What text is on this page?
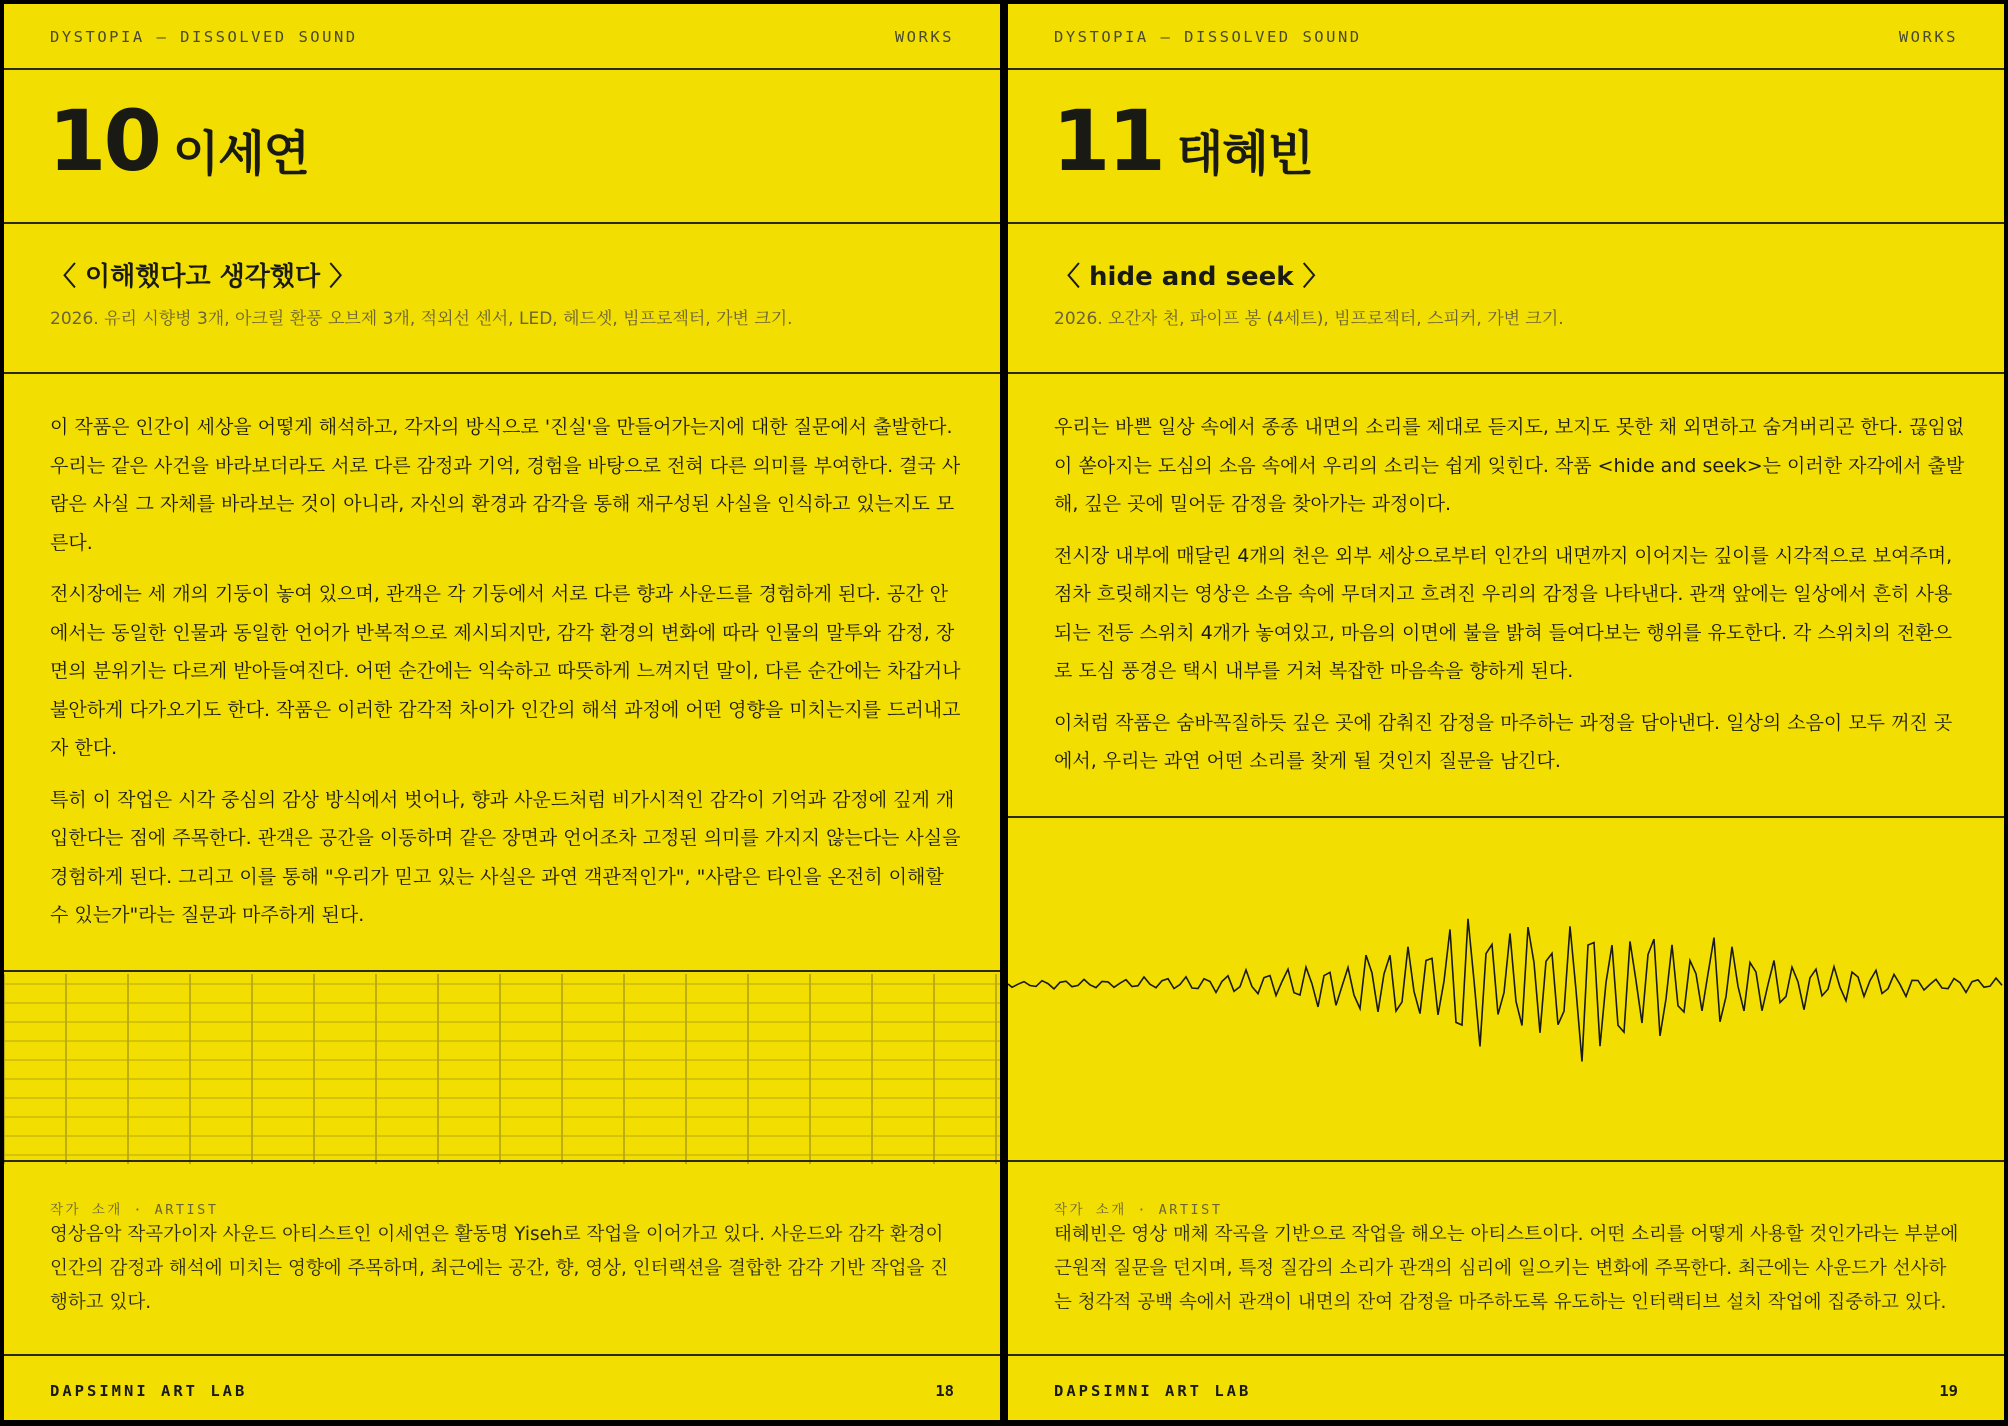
DYSTOPIA — DISSOLVED SOUND	WORKS
10 이세연
〈 이해했다고 생각했다 〉
2026. 유리 시향병 3개, 아크릴 환풍 오브제 3개, 적외선 센서, LED, 헤드셋, 빔프로젝터, 가변 크기.

이 작품은 인간이 세상을 어떻게 해석하고, 각자의 방식으로 '진실'을 만들어가는지에 대한 질문에서 출발한다. 우리는 같은 사건을 바라보더라도 서로 다른 감정과 기억, 경험을 바탕으로 전혀 다른 의미를 부여한다. 결국 사람은 사실 그 자체를 바라보는 것이 아니라, 자신의 환경과 감각을 통해 재구성된 사실을 인식하고 있는지도 모른다.

전시장에는 세 개의 기둥이 놓여 있으며, 관객은 각 기둥에서 서로 다른 향과 사운드를 경험하게 된다. 공간 안에서는 동일한 인물과 동일한 언어가 반복적으로 제시되지만, 감각 환경의 변화에 따라 인물의 말투와 감정, 장면의 분위기는 다르게 받아들여진다. 어떤 순간에는 익숙하고 따뜻하게 느껴지던 말이, 다른 순간에는 차갑거나 불안하게 다가오기도 한다. 작품은 이러한 감각적 차이가 인간의 해석 과정에 어떤 영향을 미치는지를 드러내고자 한다.

특히 이 작업은 시각 중심의 감상 방식에서 벗어나, 향과 사운드처럼 비가시적인 감각이 기억과 감정에 깊게 개입한다는 점에 주목한다. 관객은 공간을 이동하며 같은 장면과 언어조차 고정된 의미를 가지지 않는다는 사실을 경험하게 된다. 그리고 이를 통해 "우리가 믿고 있는 사실은 과연 객관적인가", "사람은 타인을 온전히 이해할 수 있는가"라는 질문과 마주하게 된다.

작가 소개 · ARTIST
영상음악 작곡가이자 사운드 아티스트인 이세연은 활동명 Yiseh로 작업을 이어가고 있다. 사운드와 감각 환경이 인간의 감정과 해석에 미치는 영향에 주목하며, 최근에는 공간, 향, 영상, 인터랙션을 결합한 감각 기반 작업을 진행하고 있다.
DAPSIMNI ART LAB	18
DYSTOPIA — DISSOLVED SOUND	WORKS
11 태혜빈
〈 hide and seek 〉
2026. 오간자 천, 파이프 봉 (4세트), 빔프로젝터, 스피커, 가변 크기.

우리는 바쁜 일상 속에서 종종 내면의 소리를 제대로 듣지도, 보지도 못한 채 외면하고 숨겨버리곤 한다. 끊임없이 쏟아지는 도심의 소음 속에서 우리의 소리는 쉽게 잊힌다. 작품 <hide and seek>는 이러한 자각에서 출발해, 깊은 곳에 밀어둔 감정을 찾아가는 과정이다.

전시장 내부에 매달린 4개의 천은 외부 세상으로부터 인간의 내면까지 이어지는 깊이를 시각적으로 보여주며, 점차 흐릿해지는 영상은 소음 속에 무뎌지고 흐려진 우리의 감정을 나타낸다. 관객 앞에는 일상에서 흔히 사용되는 전등 스위치 4개가 놓여있고, 마음의 이면에 불을 밝혀 들여다보는 행위를 유도한다. 각 스위치의 전환으로 도심 풍경은 택시 내부를 거쳐 복잡한 마음속을 향하게 된다.

이처럼 작품은 숨바꼭질하듯 깊은 곳에 감춰진 감정을 마주하는 과정을 담아낸다. 일상의 소음이 모두 꺼진 곳에서, 우리는 과연 어떤 소리를 찾게 될 것인지 질문을 남긴다.

작가 소개 · ARTIST
태혜빈은 영상 매체 작곡을 기반으로 작업을 해오는 아티스트이다. 어떤 소리를 어떻게 사용할 것인가라는 부분에 근원적 질문을 던지며, 특정 질감의 소리가 관객의 심리에 일으키는 변화에 주목한다. 최근에는 사운드가 선사하는 청각적 공백 속에서 관객이 내면의 잔여 감정을 마주하도록 유도하는 인터랙티브 설치 작업에 집중하고 있다.
DAPSIMNI ART LAB	19
